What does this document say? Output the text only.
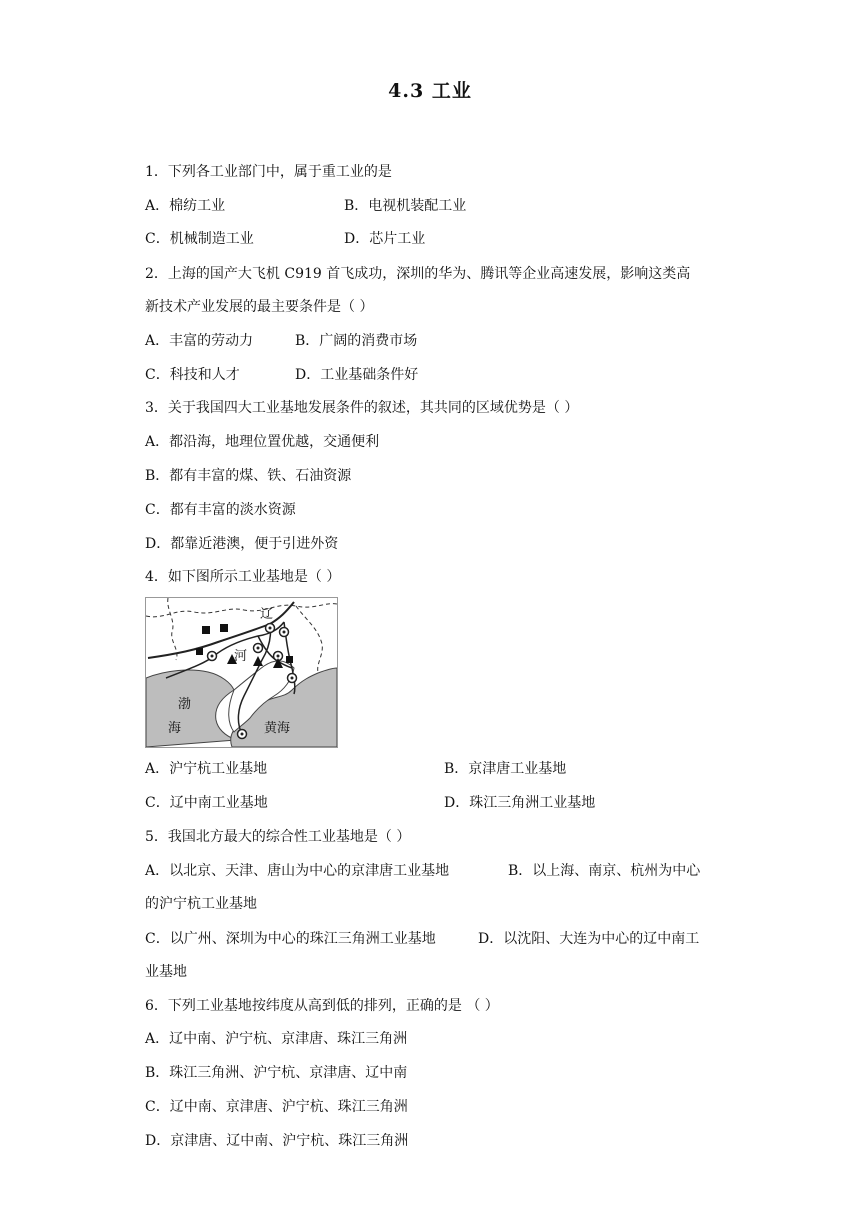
4.3 工业
1．下列各工业部门中，属于重工业的是
A．棉纺工业	B．电视机装配工业
C．机械制造工业	D．芯片工业
2．上海的国产大飞机 C919 首飞成功，深圳的华为、腾讯等企业高速发展，影响这类高
新技术产业发展的最主要条件是（ ）
A．丰富的劳动力	B．广阔的消费市场
C．科技和人才	D．工业基础条件好
3．关于我国四大工业基地发展条件的叙述，其共同的区域优势是（ ）
A．都沿海，地理位置优越，交通便利
B．都有丰富的煤、铁、石油资源
C．都有丰富的淡水资源
D．都靠近港澳，便于引进外资
4．如下图所示工业基地是（ ）
辽
河
渤
海	黄海
A．沪宁杭工业基地	B．京津唐工业基地
C．辽中南工业基地	D．珠江三角洲工业基地
5．我国北方最大的综合性工业基地是（ ）
A．以北京、天津、唐山为中心的京津唐工业基地	B．以上海、南京、杭州为中心
的沪宁杭工业基地
C．以广州、深圳为中心的珠江三角洲工业基地	D．以沈阳、大连为中心的辽中南工
业基地
6．下列工业基地按纬度从高到低的排列，正确的是 （ ）
A．辽中南、沪宁杭、京津唐、珠江三角洲
B．珠江三角洲、沪宁杭、京津唐、辽中南
C．辽中南、京津唐、沪宁杭、珠江三角洲
D．京津唐、辽中南、沪宁杭、珠江三角洲
